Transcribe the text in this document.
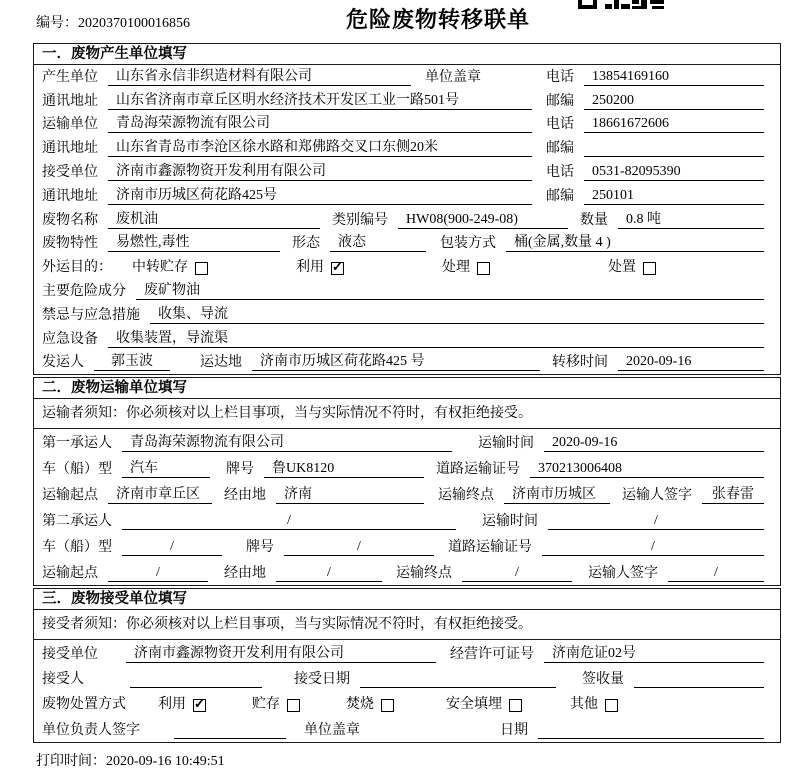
编号：2020370100016856	危险废物转移联单
一．废物产生单位填写
产生单位	山东省永信非织造材料有限公司	单位盖章	电话	13854169160
通讯地址	山东省济南市章丘区明水经济技术开发区工业一路501号	邮编	250200
运输单位	青岛海荣源物流有限公司	电话	18661672606
通讯地址	山东省青岛市李沧区徐水路和郑佛路交叉口东侧20米	邮编
接受单位	济南市鑫源物资开发利用有限公司	电话	0531-82095390
通讯地址	济南市历城区荷花路425号	邮编	250101
废物名称	废机油	类别编号	HW08(900-249-08)	数量	0.8 吨
废物特性	易燃性,毒性	形态	液态	包装方式	桶(金属,数量 4 )
外运目的： 中转贮存	利用 ✓	处理	处置
主要危险成分	废矿物油
禁忌与应急措施	收集、导流
应急设备	收集装置，导流渠
发运人	郭玉波	运达地	济南市历城区荷花路425 号	转移时间	2020-09-16
二．废物运输单位填写
运输者须知：你必须核对以上栏目事项，当与实际情况不符时，有权拒绝接受。
第一承运人	青岛海荣源物流有限公司	运输时间	2020-09-16
车（船）型	汽车	牌号	鲁UK8120	道路运输证号	370213006408
运输起点	济南市章丘区	经由地	济南	运输终点	济南市历城区	运输人签字	张春雷
第二承运人	/	运输时间	/
车（船）型	/	牌号	/	道路运输证号	/
运输起点	/	经由地	/	运输终点	/	运输人签字	/
三．废物接受单位填写
接受者须知：你必须核对以上栏目事项，当与实际情况不符时，有权拒绝接受。
接受单位	济南市鑫源物资开发利用有限公司	经营许可证号	济南危证02号
接受人	接受日期	签收量
废物处置方式 利用 ✓	贮存	焚烧	安全填埋	其他
单位负责人签字	单位盖章	日期
打印时间：2020-09-16 10:49:51
